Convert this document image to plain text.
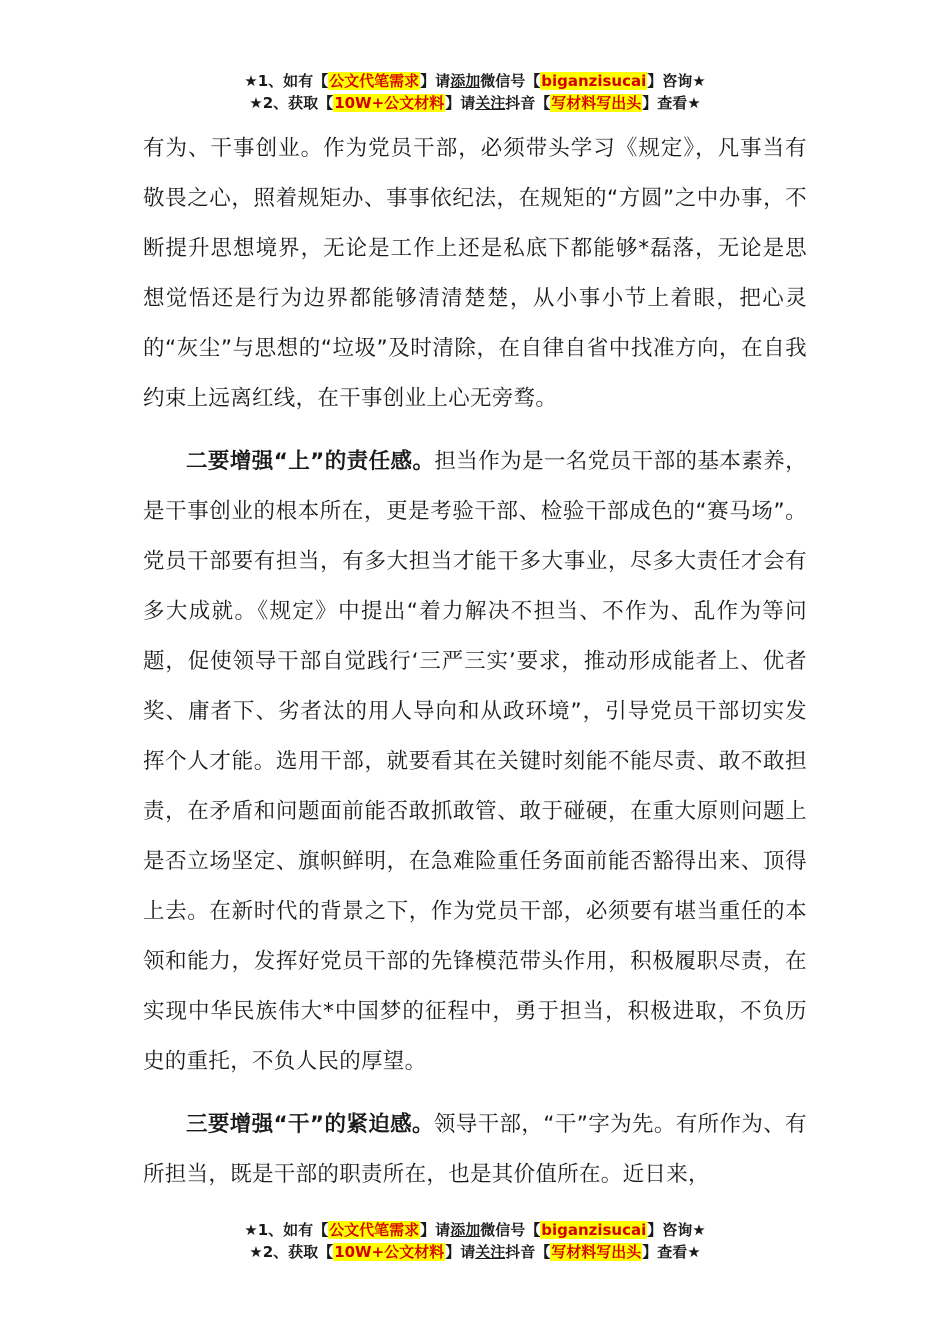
★1、如有【公文代笔需求】请添加微信号【biganzisucai】咨询★
★2、获取【10W+公文材料】请关注抖音【写材料写出头】查看★

有为、干事创业。作为党员干部，必须带头学习《规定》，凡事当有敬畏之心，照着规矩办、事事依纪法，在规矩的“方圆”之中办事，不断提升思想境界，无论是工作上还是私底下都能够*磊落，无论是思想觉悟还是行为边界都能够清清楚楚，从小事小节上着眼，把心灵的“灰尘”与思想的“垃圾”及时清除，在自律自省中找准方向，在自我约束上远离红线，在干事创业上心无旁骛。

二要增强“上”的责任感。担当作为是一名党员干部的基本素养，是干事创业的根本所在，更是考验干部、检验干部成色的“赛马场”。党员干部要有担当，有多大担当才能干多大事业，尽多大责任才会有多大成就。《规定》中提出“着力解决不担当、不作为、乱作为等问题，促使领导干部自觉践行‘三严三实’要求，推动形成能者上、优者奖、庸者下、劣者汰的用人导向和从政环境”，引导党员干部切实发挥个人才能。选用干部，就要看其在关键时刻能不能尽责、敢不敢担责，在矛盾和问题面前能否敢抓敢管、敢于碰硬，在重大原则问题上是否立场坚定、旗帜鲜明，在急难险重任务面前能否豁得出来、顶得上去。在新时代的背景之下，作为党员干部，必须要有堪当重任的本领和能力，发挥好党员干部的先锋模范带头作用，积极履职尽责，在实现中华民族伟大*中国梦的征程中，勇于担当，积极进取，不负历史的重托，不负人民的厚望。

三要增强“干”的紧迫感。领导干部，“干”字为先。有所作为、有所担当，既是干部的职责所在，也是其价值所在。近日来，

★1、如有【公文代笔需求】请添加微信号【biganzisucai】咨询★
★2、获取【10W+公文材料】请关注抖音【写材料写出头】查看★
